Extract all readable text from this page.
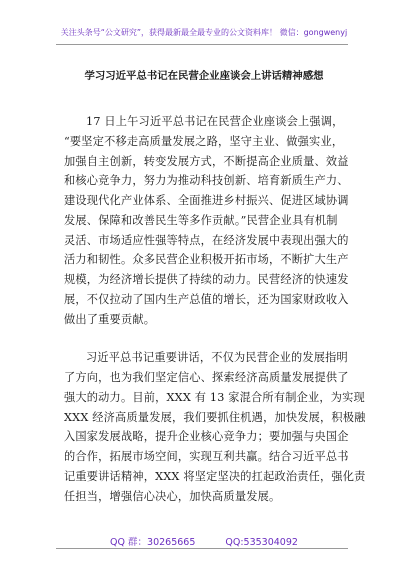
关注头条号“公文研究”，获得最新最全最专业的公文资料库！ 微信：gongwenyj
学习习近平总书记在民营企业座谈会上讲话精神感想
17 日上午习近平总书记在民营企业座谈会上强调，
“要坚定不移走高质量发展之路，坚守主业、做强实业，
加强自主创新，转变发展方式，不断提高企业质量、效益
和核心竞争力，努力为推动科技创新、培育新质生产力、
建设现代化产业体系、全面推进乡村振兴、促进区域协调
发展、保障和改善民生等多作贡献。”民营企业具有机制
灵活、市场适应性强等特点，在经济发展中表现出强大的
活力和韧性。众多民营企业积极开拓市场，不断扩大生产
规模，为经济增长提供了持续的动力。民营经济的快速发
展，不仅拉动了国内生产总值的增长，还为国家财政收入
做出了重要贡献。
习近平总书记重要讲话，不仅为民营企业的发展指明
了方向，也为我们坚定信心、探索经济高质量发展提供了
强大的动力。目前，XXX 有 13 家混合所有制企业，为实现
XXX 经济高质量发展，我们要抓住机遇，加快发展，积极融
入国家发展战略，提升企业核心竞争力；要加强与央国企
的合作，拓展市场空间，实现互利共赢。结合习近平总书
记重要讲话精神，XXX 将坚定坚决的扛起政治责任，强化责
任担当，增强信心决心，加快高质量发展。
QQ 群：30265665	QQ:535304092
